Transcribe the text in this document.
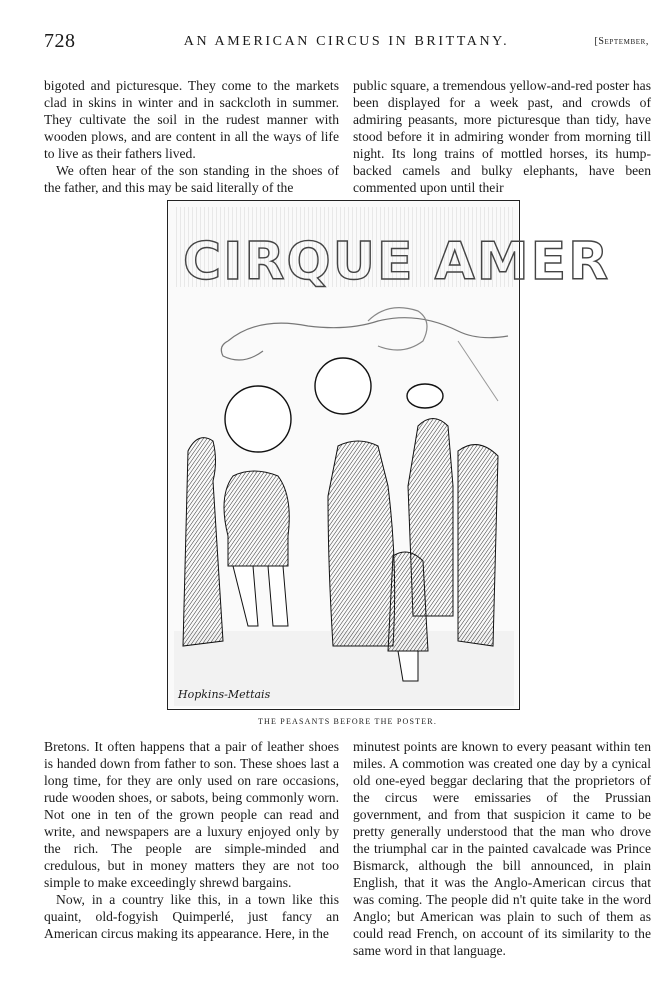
728	AN AMERICAN CIRCUS IN BRITTANY.	[September,

bigoted and picturesque. They come to the markets clad in skins in winter and in sackcloth in summer. They cultivate the soil in the rudest manner with wooden plows, and are content in all the ways of life to live as their fathers lived.

We often hear of the son standing in the shoes of the father, and this may be said literally of the

public square, a tremendous yellow-and-red poster has been displayed for a week past, and crowds of admiring peasants, more picturesque than tidy, have stood before it in admiring wonder from morning till night. Its long trains of mottled horses, its hump-backed camels and bulky elephants, have been commented upon until their

CIRQUE AMER
Hopkins-Mettais
THE PEASANTS BEFORE THE POSTER.

Bretons. It often happens that a pair of leather shoes is handed down from father to son. These shoes last a long time, for they are only used on rare occasions, rude wooden shoes, or sabots, being commonly worn. Not one in ten of the grown people can read and write, and newspapers are a luxury enjoyed only by the rich. The people are simple-minded and credulous, but in money matters they are not too simple to make exceedingly shrewd bargains.

Now, in a country like this, in a town like this quaint, old-fogyish Quimperlé, just fancy an American circus making its appearance. Here, in the

minutest points are known to every peasant within ten miles. A commotion was created one day by a cynical old one-eyed beggar declaring that the proprietors of the circus were emissaries of the Prussian government, and from that suspicion it came to be pretty generally understood that the man who drove the triumphal car in the painted cavalcade was Prince Bismarck, although the bill announced, in plain English, that it was the Anglo-American circus that was coming. The people did n't quite take in the word Anglo; but American was plain to such of them as could read French, on account of its similarity to the same word in that language.
